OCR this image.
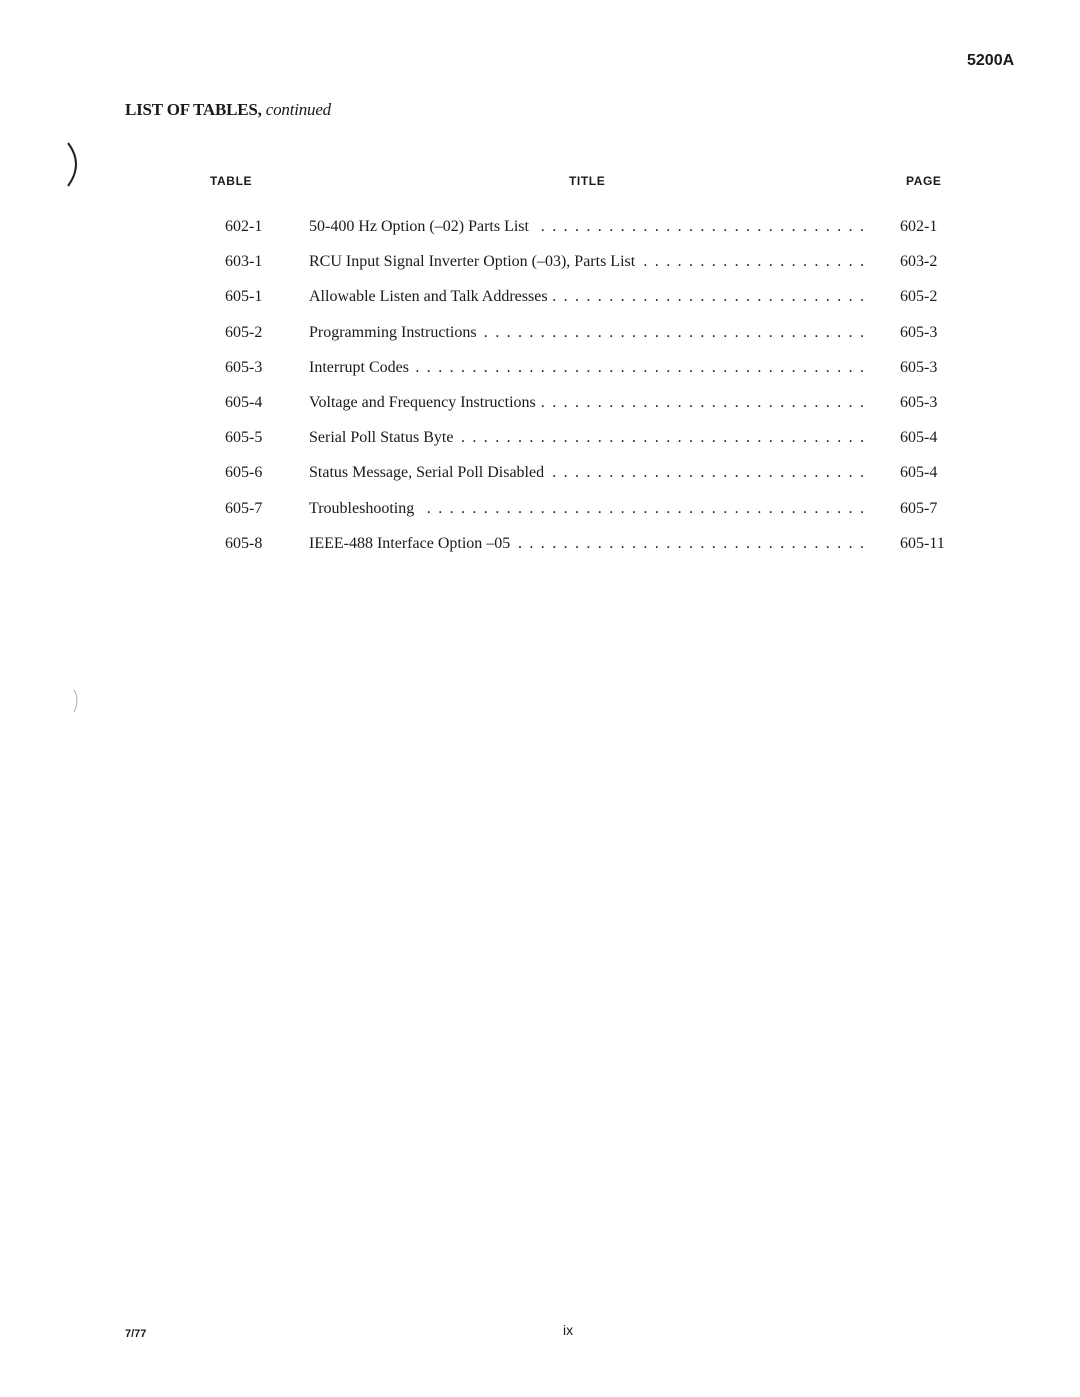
5200A
LIST OF TABLES, continued
TABLE	TITLE	PAGE
602-1	50-400 Hz Option (–02) Parts List . . .	602-1
603-1	RCU Input Signal Inverter Option (–03), Parts List . . .	603-2
605-1	Allowable Listen and Talk Addresses . . .	605-2
605-2	Programming Instructions . . .	605-3
605-3	Interrupt Codes . . .	605-3
605-4	Voltage and Frequency Instructions . . .	605-3
605-5	Serial Poll Status Byte . . .	605-4
605-6	Status Message, Serial Poll Disabled . . .	605-4
605-7	Troubleshooting . . .	605-7
605-8	IEEE-488 Interface Option –05 . . .	605-11
7/77	ix
